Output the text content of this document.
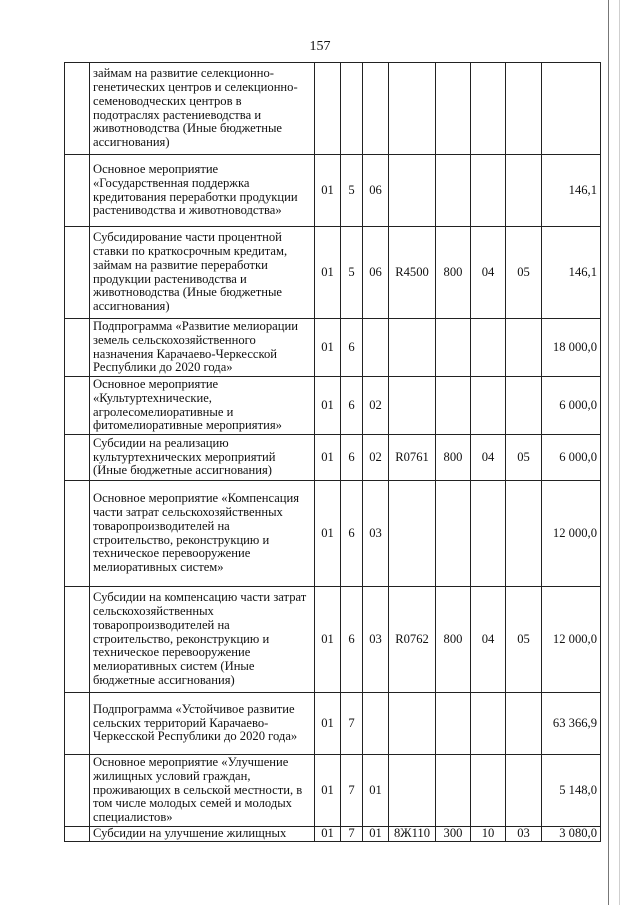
157
	займам на развитие селекционно-генетических центров и селекционно-семеноводческих центров в подотраслях растениеводства и животноводства (Иные бюджетные ассигнования)								
	Основное мероприятие «Государственная поддержка кредитования переработки продукции растениводства и животноводства»	01	5	06					146,1
	Субсидирование части процентной ставки по краткосрочным кредитам, займам на развитие переработки продукции растениводства и животноводства (Иные бюджетные ассигнования)	01	5	06	R4500	800	04	05	146,1
	Подпрограмма «Развитие мелиорации земель сельскохозяйственного назначения Карачаево-Черкесской Республики до 2020 года»	01	6						18 000,0
	Основное мероприятие «Культуртехнические, агролесомелиоративные и фитомелиоративные мероприятия»	01	6	02					6 000,0
	Субсидии на реализацию культуртехнических мероприятий (Иные бюджетные ассигнования)	01	6	02	R0761	800	04	05	6 000,0
	Основное мероприятие «Компенсация части затрат сельскохозяйственных товаропроизводителей на строительство, реконструкцию и техническое перевооружение мелиоративных систем»	01	6	03					12 000,0
	Субсидии на компенсацию части затрат сельскохозяйственных товаропроизводителей на строительство, реконструкцию и техническое перевооружение мелиоративных систем (Иные бюджетные ассигнования)	01	6	03	R0762	800	04	05	12 000,0
	Подпрограмма «Устойчивое развитие сельских территорий Карачаево-Черкесской Республики до 2020 года»	01	7						63 366,9
	Основное мероприятие «Улучшение жилищных условий граждан, проживающих в сельской местности, в том числе молодых семей и молодых специалистов»	01	7	01					5 148,0
	Субсидии на улучшение жилищных	01	7	01	8Ж110	300	10	03	3 080,0
